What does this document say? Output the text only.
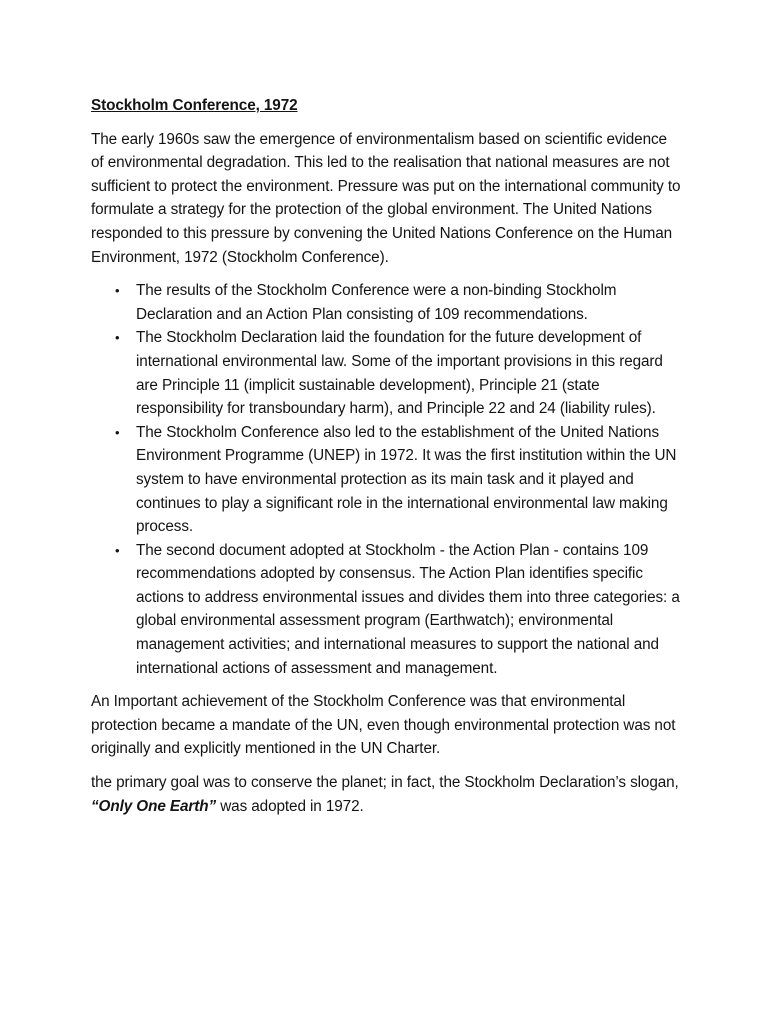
Stockholm Conference, 1972

The early 1960s saw the emergence of environmentalism based on scientific evidence of environmental degradation. This led to the realisation that national measures are not sufficient to protect the environment. Pressure was put on the international community to formulate a strategy for the protection of the global environment. The United Nations responded to this pressure by convening the United Nations Conference on the Human Environment, 1972 (Stockholm Conference).

• The results of the Stockholm Conference were a non-binding Stockholm Declaration and an Action Plan consisting of 109 recommendations.
• The Stockholm Declaration laid the foundation for the future development of international environmental law. Some of the important provisions in this regard are Principle 11 (implicit sustainable development), Principle 21 (state responsibility for transboundary harm), and Principle 22 and 24 (liability rules).
• The Stockholm Conference also led to the establishment of the United Nations Environment Programme (UNEP) in 1972. It was the first institution within the UN system to have environmental protection as its main task and it played and continues to play a significant role in the international environmental law making process.
• The second document adopted at Stockholm - the Action Plan - contains 109 recommendations adopted by consensus. The Action Plan identifies specific actions to address environmental issues and divides them into three categories: a global environmental assessment program (Earthwatch); environmental management activities; and international measures to support the national and international actions of assessment and management.

An Important achievement of the Stockholm Conference was that environmental protection became a mandate of the UN, even though environmental protection was not originally and explicitly mentioned in the UN Charter.

the primary goal was to conserve the planet; in fact, the Stockholm Declaration’s slogan, “Only One Earth” was adopted in 1972.
